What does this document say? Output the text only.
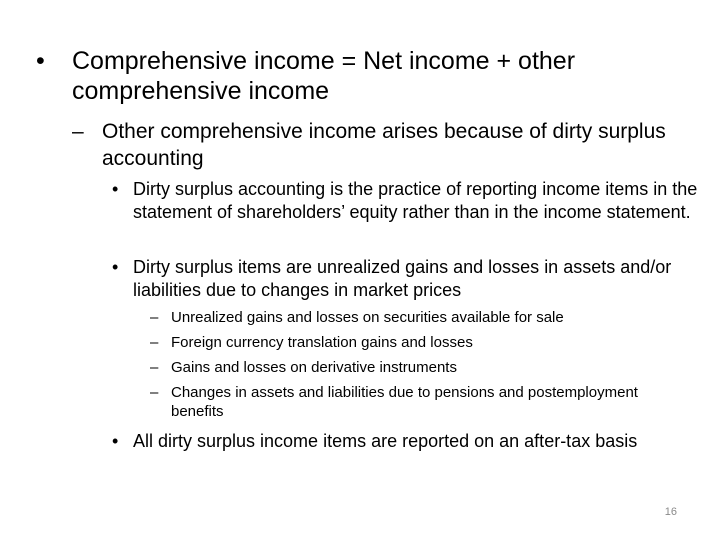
• Comprehensive income = Net income + other comprehensive income
– Other comprehensive income arises because of dirty surplus accounting
• Dirty surplus accounting is the practice of reporting income items in the statement of shareholders’ equity rather than in the income statement.
• Dirty surplus items are unrealized gains and losses in assets and/or liabilities due to changes in market prices
– Unrealized gains and losses on securities available for sale
– Foreign currency translation gains and losses
– Gains and losses on derivative instruments
– Changes in assets and liabilities due to pensions and postemployment benefits
• All dirty surplus income items are reported on an after-tax basis
16
